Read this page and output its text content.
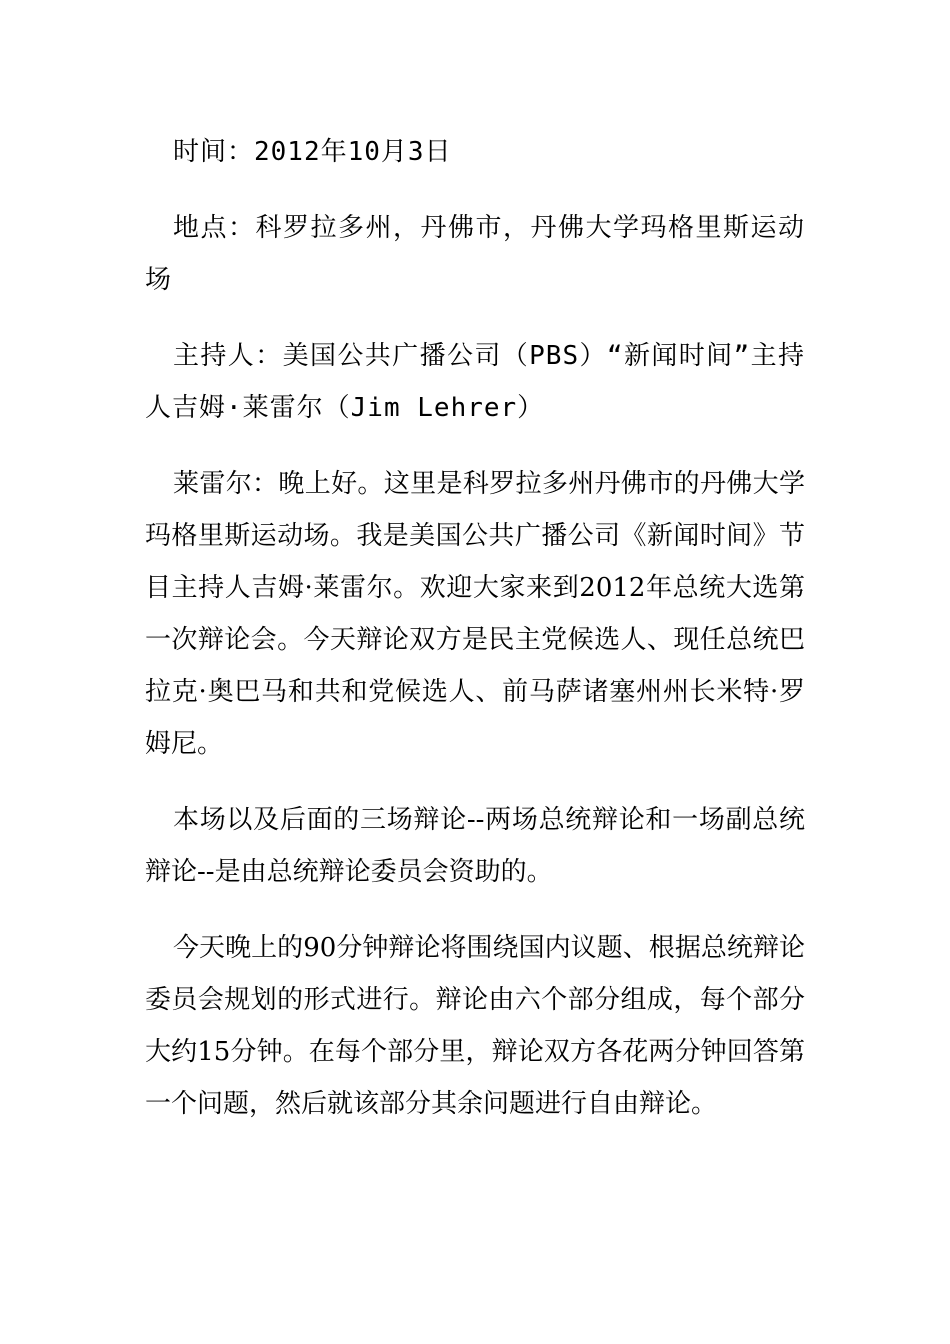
时间：2012年10月3日

地点：科罗拉多州，丹佛市，丹佛大学玛格里斯运动场

主持人：美国公共广播公司（PBS）“新闻时间”主持人吉姆·莱雷尔（Jim Lehrer）

莱雷尔：晚上好。这里是科罗拉多州丹佛市的丹佛大学玛格里斯运动场。我是美国公共广播公司《新闻时间》节目主持人吉姆·莱雷尔。欢迎大家来到2012年总统大选第一次辩论会。今天辩论双方是民主党候选人、现任总统巴拉克·奥巴马和共和党候选人、前马萨诸塞州州长米特·罗姆尼。

本场以及后面的三场辩论--两场总统辩论和一场副总统辩论--是由总统辩论委员会资助的。

今天晚上的90分钟辩论将围绕国内议题、根据总统辩论委员会规划的形式进行。辩论由六个部分组成，每个部分大约15分钟。在每个部分里，辩论双方各花两分钟回答第一个问题，然后就该部分其余问题进行自由辩论。
